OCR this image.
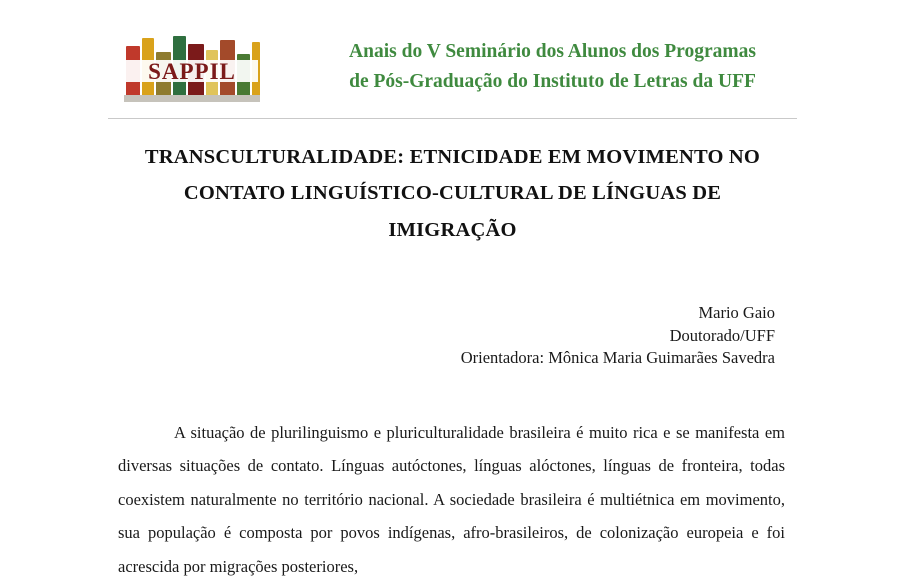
SAPPIL
Anais do V Seminário dos Alunos dos Programas
de Pós-Graduação do Instituto de Letras da UFF
TRANSCULTURALIDADE: ETNICIDADE EM MOVIMENTO NO
CONTATO LINGUÍSTICO-CULTURAL DE LÍNGUAS DE
IMIGRAÇÃO
Mario Gaio
Doutorado/UFF
Orientadora: Mônica Maria Guimarães Savedra
A situação de plurilinguismo e pluriculturalidade brasileira é muito rica e se manifesta em diversas situações de contato. Línguas autóctones, línguas alóctones, línguas de fronteira, todas coexistem naturalmente no território nacional. A sociedade brasileira é multiétnica em movimento, sua população é composta por povos indígenas, afro-brasileiros, de colonização europeia e foi acrescida por migrações posteriores,
